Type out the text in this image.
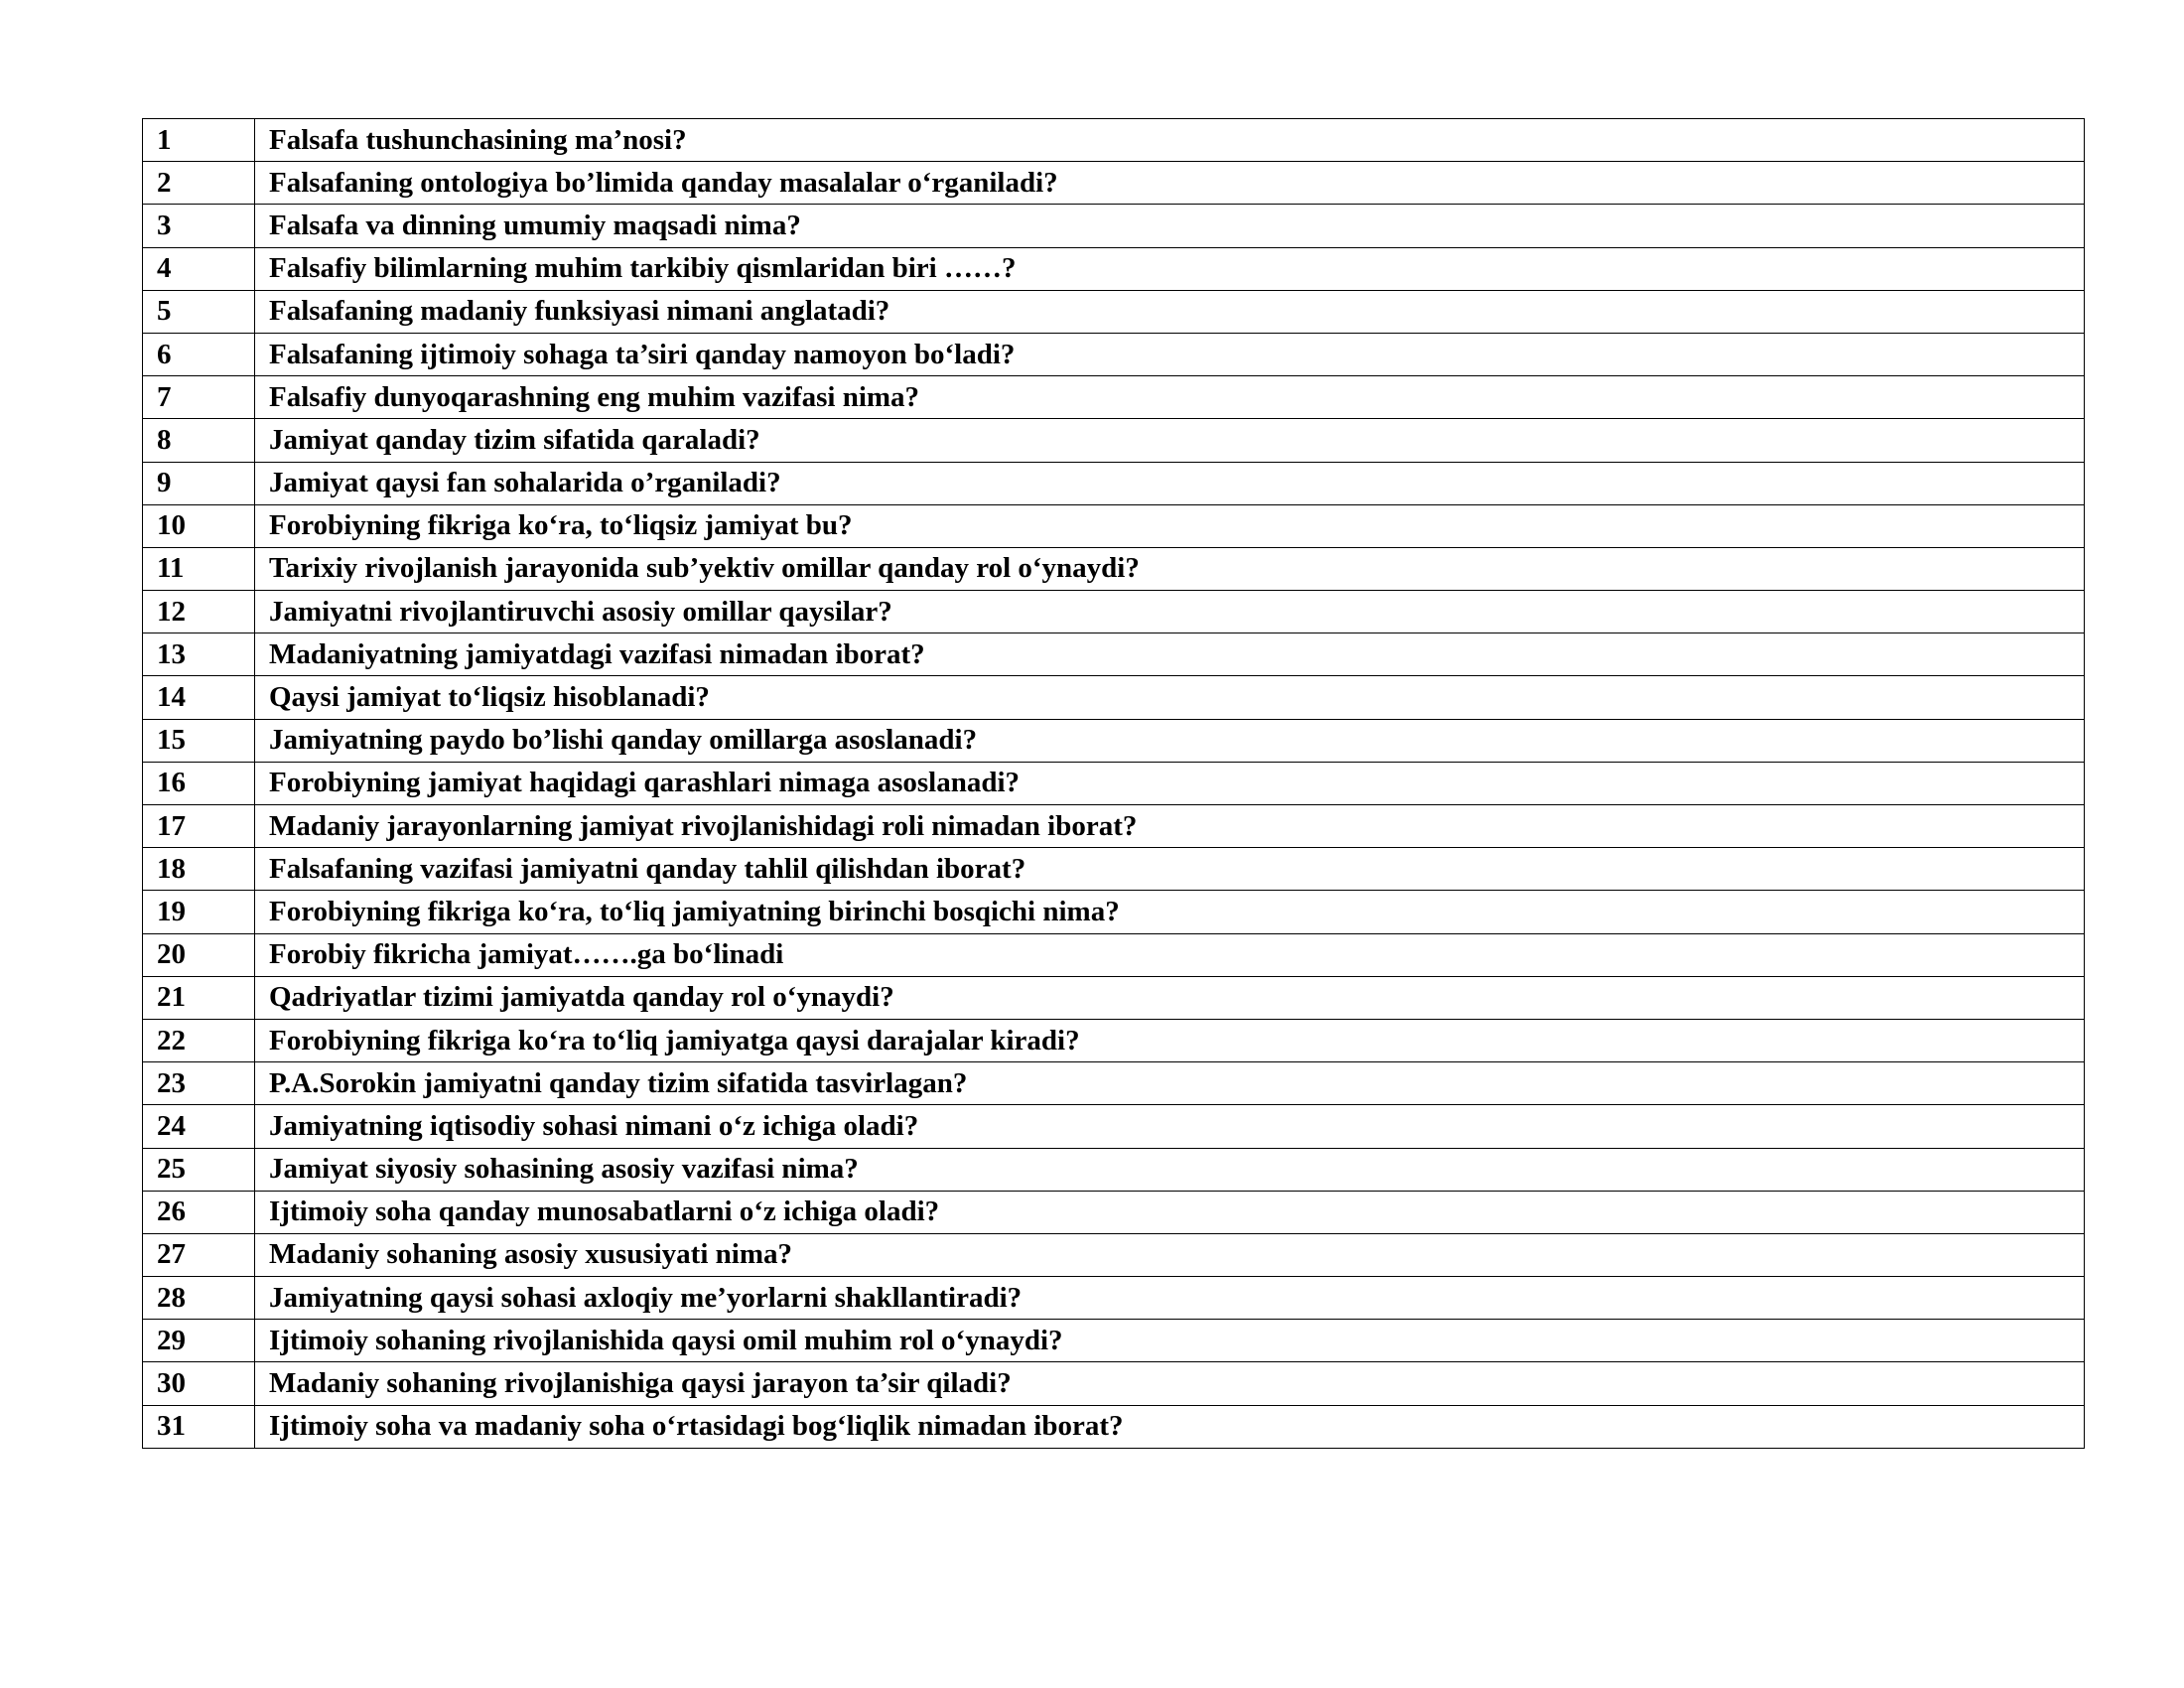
1	Falsafa tushunchasining ma’nosi?
2	Falsafaning ontologiya bo’limida qanday masalalar o‘rganiladi?
3	Falsafa va dinning umumiy maqsadi nima?
4	Falsafiy bilimlarning muhim tarkibiy qismlaridan biri ……?
5	Falsafaning madaniy funksiyasi nimani anglatadi?
6	Falsafaning ijtimoiy sohaga ta’siri qanday namoyon bo‘ladi?
7	Falsafiy dunyoqarashning eng muhim vazifasi nima?
8	Jamiyat qanday tizim sifatida qaraladi?
9	Jamiyat qaysi fan sohalarida o’rganiladi?
10	Forobiyning fikriga ko‘ra, to‘liqsiz jamiyat bu?
11	Tarixiy rivojlanish jarayonida sub’yektiv omillar qanday rol o‘ynaydi?
12	Jamiyatni rivojlantiruvchi asosiy omillar qaysilar?
13	Madaniyatning jamiyatdagi vazifasi nimadan iborat?
14	Qaysi jamiyat to‘liqsiz hisoblanadi?
15	Jamiyatning paydo bo’lishi qanday omillarga asoslanadi?
16	Forobiyning jamiyat haqidagi qarashlari nimaga asoslanadi?
17	Madaniy jarayonlarning jamiyat rivojlanishidagi roli nimadan iborat?
18	Falsafaning vazifasi jamiyatni qanday tahlil qilishdan iborat?
19	Forobiyning fikriga ko‘ra, to‘liq jamiyatning birinchi bosqichi nima?
20	Forobiy fikricha jamiyat…….ga bo‘linadi
21	Qadriyatlar tizimi jamiyatda qanday rol o‘ynaydi?
22	Forobiyning fikriga ko‘ra to‘liq jamiyatga qaysi darajalar kiradi?
23	P.A.Sorokin jamiyatni qanday tizim sifatida tasvirlagan?
24	Jamiyatning iqtisodiy sohasi nimani o‘z ichiga oladi?
25	Jamiyat siyosiy sohasining asosiy vazifasi nima?
26	Ijtimoiy soha qanday munosabatlarni o‘z ichiga oladi?
27	Madaniy sohaning asosiy xususiyati nima?
28	Jamiyatning qaysi sohasi axloqiy me’yorlarni shakllantiradi?
29	Ijtimoiy sohaning rivojlanishida qaysi omil muhim rol o‘ynaydi?
30	Madaniy sohaning rivojlanishiga qaysi jarayon ta’sir qiladi?
31	Ijtimoiy soha va madaniy soha o‘rtasidagi bog‘liqlik nimadan iborat?
